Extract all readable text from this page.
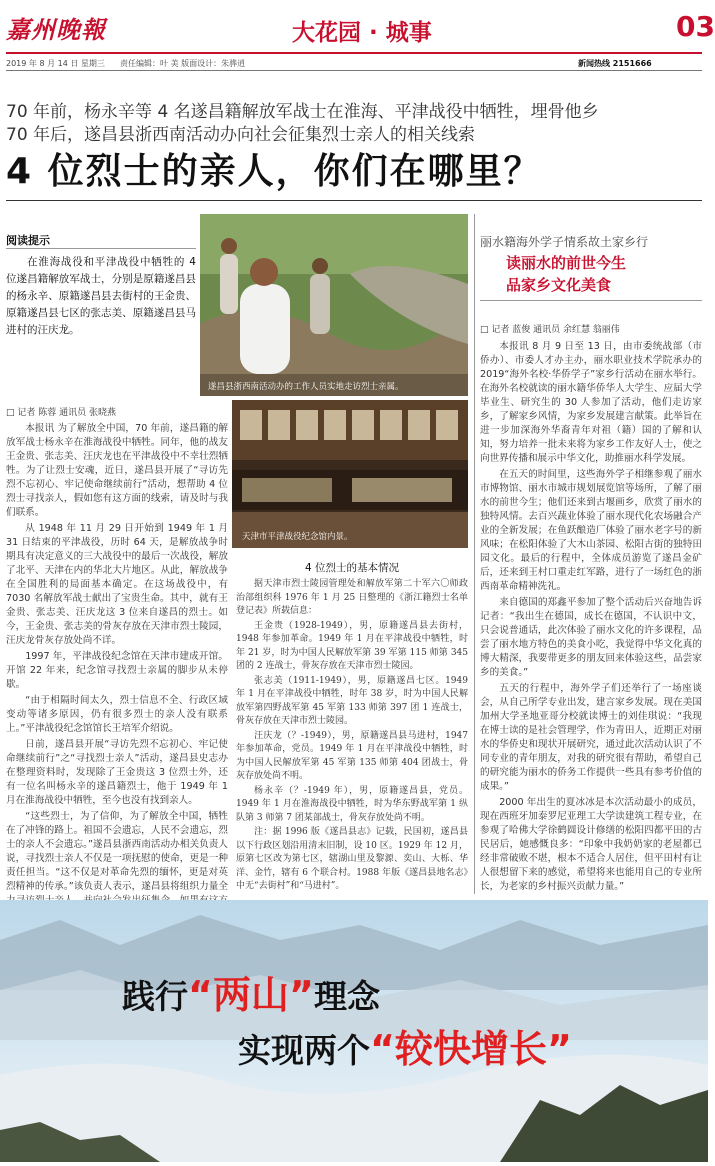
嘉州晚報	大花园 · 城事	03
2019 年 8 月 14 日 星期三 责任编辑：叶 美 版面设计：朱骅逍	新闻热线 2151666
70 年前，杨永辛等 4 名遂昌籍解放军战士在淮海、平津战役中牺牲，埋骨他乡
70 年后，遂昌县浙西南活动办向社会征集烈士亲人的相关线索
4 位烈士的亲人，你们在哪里？
阅读提示

在淮海战役和平津战役中牺牲的 4 位遂昌籍解放军战士，分别是原籍遂昌县的杨永辛、原籍遂昌县去街村的王金贵、原籍遂昌县七区的张志美、原籍遂昌县马进村的汪庆龙。

遂昌县浙西南活动办的工作人员实地走访烈士亲属。
天津市平津战役纪念馆内景。
□ 记者 陈蓉 通讯员 张晓燕

本报讯 为了解放全中国，70 年前，遂昌籍的解放军战士杨永辛在淮海战役中牺牲。同年，他的战友王金贵、张志美、汪庆龙也在平津战役中不幸壮烈牺牲。为了让烈士安魂，近日，遂昌县开展了“寻访先烈不忘初心、牢记使命继续前行”活动，想帮助 4 位烈士寻找亲人，假如您有这方面的线索，请及时与我们联系。

从 1948 年 11 月 29 日开始到 1949 年 1 月 31 日结束的平津战役，历时 64 天，是解放战争时期具有决定意义的三大战役中的最后一次战役，解放了北平、天津在内的华北大片地区。从此，解放战争在全国胜利的局面基本确定。在这场战役中，有 7030 名解放军战士献出了宝贵生命。其中，就有王金贵、张志美、汪庆龙这 3 位来自遂昌的烈士。如今，王金贵、张志美的骨灰存放在天津市烈士陵园，汪庆龙骨灰存放处尚不详。

1997 年，平津战役纪念馆在天津市建成开馆。开馆 22 年来，纪念馆寻找烈士亲属的脚步从未停歇。

“由于相隔时间太久，烈士信息不全、行政区域变动等诸多原因，仍有很多烈士的亲人没有联系上。”平津战役纪念馆馆长王培军介绍说。

日前，遂昌县开展“寻访先烈不忘初心、牢记使命继续前行”之“寻找烈士亲人”活动，遂昌县史志办在整理资料时，发现除了王金贵这 3 位烈士外，还有一位名叫杨永辛的遂昌籍烈士，他于 1949 年 1 月在淮海战役中牺牲，至今也没有找到亲人。

“这些烈士，为了信仰，为了解放全中国，牺牲在了冲锋的路上。祖国不会遗忘，人民不会遗忘，烈士的亲人不会遗忘。”遂昌县浙西南活动办相关负责人说，寻找烈士亲人不仅是一项抚慰的使命，更是一种责任担当。“这不仅是对革命先烈的缅怀，更是对英烈精神的传承。”该负责人表示，遂昌县将组织力量全

4 位烈士的基本情况

据天津市烈士陵园管理处和解放军第二十军六〇师政治部组织科 1976 年 1 月 25 日整理的《浙江籍烈士名单登记表》所载信息：

王金贵（1928-1949），男，原籍遂昌县去街村，1948 年参加革命。1949 年 1 月在平津战役中牺牲，时年 21 岁，时为中国人民解放军第 39 军第 115 师第 345 团的 2 连战士，骨灰存放在天津市烈士陵园。

张志美（1911-1949），男，原籍遂昌七区。1949 年 1 月在平津战役中牺牲，时年 38 岁，时为中国人民解放军第四野战军第 45 军第 133 师第 397 团 1 连战士，骨灰存放在天津市烈士陵园。

汪庆龙（？-1949），男，原籍遂昌县马进村，1947 年参加革命，党员。1949 年 1 月在平津战役中牺牲，时为中国人民解放军第 45 军第 135 师第 404 团战士，骨灰存放处尚不明。

杨永辛（？-1949 年），男，原籍遂昌县，党员。1949 年 1 月在淮海战役中牺牲，时为华东野战军第 1 纵队第 3 师第 7 团某部战士，骨灰存放处尚不明。

注：据 1996 版《遂昌县志》记载，民国初，遂昌县以下行政区划沿用清末旧制，设 10 区。1929 年 12 月，原第七区改为第七区，辖湖山里及黎源、奕山、大栎、华洋、金竹，辖有 6 个联合村。1988 年版《遂昌县地名志》中无“去街村”和“马进村”。

丽水籍海外学子情系故土家乡行
读丽水的前世今生
品家乡文化美食
□ 记者 蓝俊 通讯员 余红慧 翁丽伟

本报讯 8 月 9 日至 13 日，由市委统战部（市侨办）、市委人才办主办，丽水职业技术学院承办的 2019“海外名校·华侨学子”家乡行活动在丽水举行。在海外名校就读的丽水籍华侨华人大学生、应届大学毕业生、研究生的 30 人参加了活动，他们走访家乡，了解家乡风情，为家乡发展建言献策。此举旨在进一步加深海外华裔青年对祖（籍）国的了解和认知，努力培养一批未来将为家乡工作友好人士，使之向世界传播和展示中华文化，助推丽水科学发展。

在五天的时间里，这些海外学子相继参观了丽水市博物馆、丽水市城市规划展览馆等场所，了解了丽水的前世今生；他们还来到古堰画乡，欣赏了丽水的独特风情。去百兴蔬业体验了丽水现代化农场融合产业的全新发展；在鱼跃酿造厂体验了丽水老字号的新风味；在松阳体验了大木山茶园、松阳古街的独特田园文化。最后的行程中，全体成员游览了遂昌金矿后，还来到王村口重走红军路，进行了一场红色的浙西南革命精神洗礼。

来自德国的郑鑫平参加了整个活动后兴奋地告诉记者：“我出生在德国，成长在德国，不认识中文，只会说普通话，此次体验了丽水文化的许多课程，品尝了丽水地方特色的美食小吃，我觉得中华文化真的博大精深，我要带更多的朋友回来体验这些，品尝家乡的美食。”

五天的行程中，海外学子们还举行了一场座谈会，从自己所学专业出发，建言家乡发展。现在美国加州大学圣地亚哥分校就读博士的刘佳琪说：“我现在博士读的是社会管理学，作为青田人，近期正对丽水的华侨史和现状开展研究，通过此次活动认识了不同专业的青年朋友，对我的研究很有帮助，希望自己的研究能为丽水的侨务工作提供一些具有参考价值的成果。”

2000 年出生的夏冰冰是本次活动最小的成员，现在西班牙加泰罗尼亚理工大学读建筑工程专业，在参观了哈佛大学徐鹤圆设计修缮的松阳四都平田的古民居后，她感慨良多：“印象中我奶奶家的老屋都已经非常破败不堪，根本不适合人居住，但平田村有让人很想留下来的感觉，希望将来也能用自己的专业所长，为老家的乡村振兴贡献力量。”

践行“两山”理念
实现两个“较快增长”
